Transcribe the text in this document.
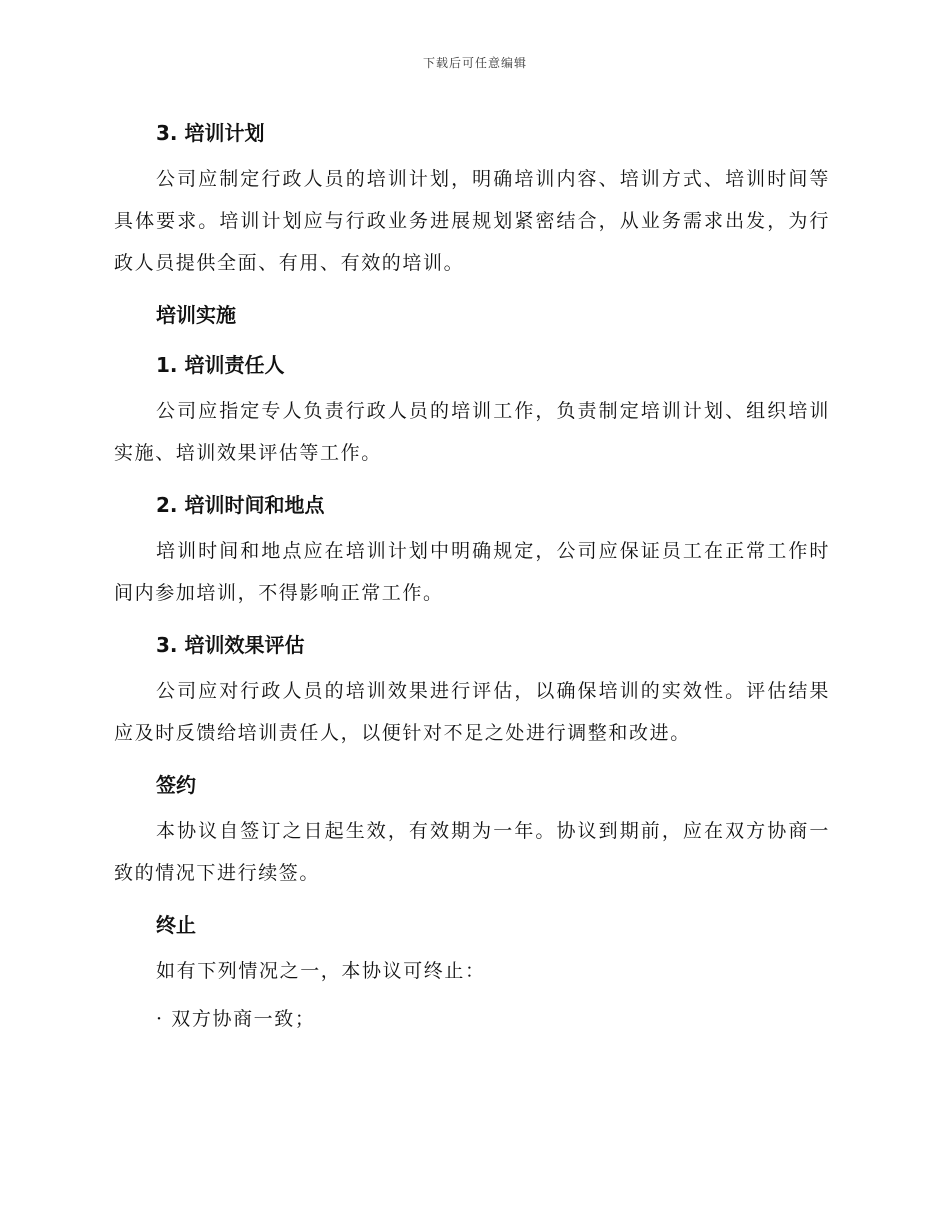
下载后可任意编辑
3. 培训计划

公司应制定行政人员的培训计划，明确培训内容、培训方式、培训时间等具体要求。培训计划应与行政业务进展规划紧密结合，从业务需求出发，为行政人员提供全面、有用、有效的培训。

培训实施
1. 培训责任人

公司应指定专人负责行政人员的培训工作，负责制定培训计划、组织培训实施、培训效果评估等工作。

2. 培训时间和地点

培训时间和地点应在培训计划中明确规定，公司应保证员工在正常工作时间内参加培训，不得影响正常工作。

3. 培训效果评估

公司应对行政人员的培训效果进行评估，以确保培训的实效性。评估结果应及时反馈给培训责任人，以便针对不足之处进行调整和改进。

签约

本协议自签订之日起生效，有效期为一年。协议到期前，应在双方协商一致的情况下进行续签。

终止

如有下列情况之一，本协议可终止：

· 双方协商一致；
